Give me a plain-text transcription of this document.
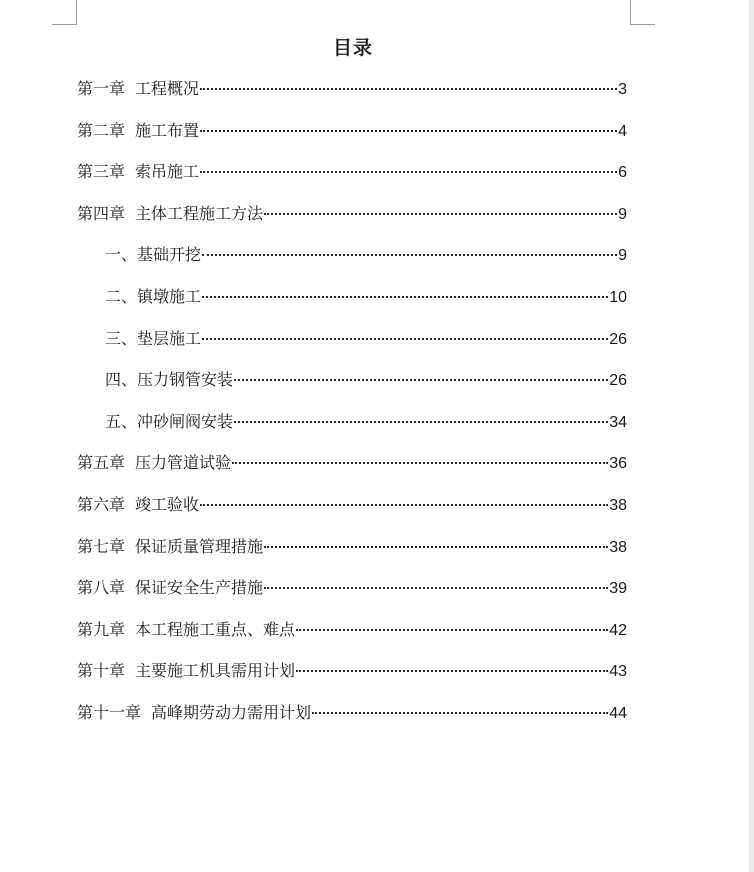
目录
第一章 工程概况	3
第二章 施工布置	4
第三章 索吊施工	6
第四章 主体工程施工方法	9
一、基础开挖	9
二、镇墩施工	10
三、垫层施工	26
四、压力钢管安装	26
五、冲砂闸阀安装	34
第五章 压力管道试验	36
第六章 竣工验收	38
第七章 保证质量管理措施	38
第八章 保证安全生产措施	39
第九章 本工程施工重点、难点	42
第十章 主要施工机具需用计划	43
第十一章 高峰期劳动力需用计划	44
